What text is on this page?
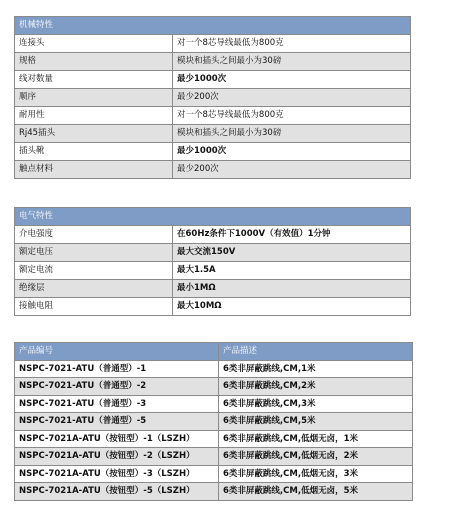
机械特性	
连接头	对一个8芯导线最低为800克
规格	模块和插头之间最小为30磅
线对数量	最少1000次
顺序	最少200次
耐用性	对一个8芯导线最低为800克
Rj45插头	模块和插头之间最小为30磅
插头靴	最少1000次
触点材料	最少200次
电气特性	
介电强度	在60Hz条件下1000V（有效值）1分钟
额定电压	最大交流150V
额定电流	最大1.5A
绝缘层	最小1MΩ
接触电阻	最大10MΩ
产品编号	产品描述
NSPC-7021-ATU（普通型）-1	6类非屏蔽跳线,CM,1米
NSPC-7021-ATU（普通型）-2	6类非屏蔽跳线,CM,2米
NSPC-7021-ATU（普通型）-3	6类非屏蔽跳线,CM,3米
NSPC-7021-ATU（普通型）-5	6类非屏蔽跳线,CM,5米
NSPC-7021A-ATU（按钮型）-1（LSZH）	6类非屏蔽跳线,CM,低烟无卤，1米
NSPC-7021A-ATU（按钮型）-2（LSZH）	6类非屏蔽跳线,CM,低烟无卤，2米
NSPC-7021A-ATU（按钮型）-3（LSZH）	6类非屏蔽跳线,CM,低烟无卤，3米
NSPC-7021A-ATU（按钮型）-5（LSZH）	6类非屏蔽跳线,CM,低烟无卤，5米
